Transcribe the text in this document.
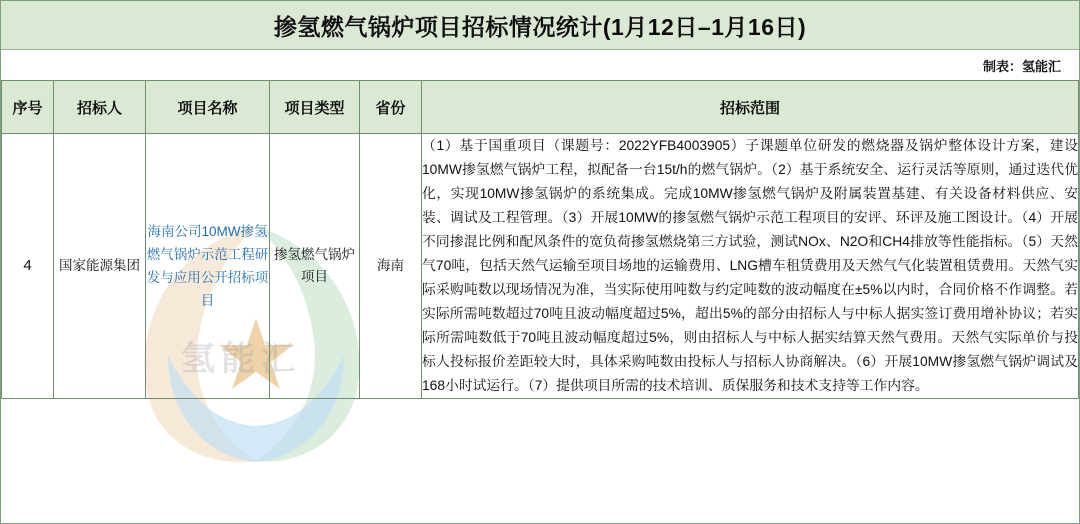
氢能汇
掺氢燃气锅炉项目招标情况统计(1月12日–1月16日)
制表：氢能汇
序号	招标人	项目名称	项目类型	省份	招标范围
4	国家能源集团	海南公司10MW掺氢燃气锅炉示范工程研发与应用公开招标项目	掺氢燃气锅炉项目	海南	（1）基于国重项目（课题号：2022YFB4003905）子课题单位研发的燃烧器及锅炉整体设计方案，建设10MW掺氢燃气锅炉工程，拟配备一台15t/h的燃气锅炉。（2）基于系统安全、运行灵活等原则，通过迭代优化，实现10MW掺氢锅炉的系统集成。完成10MW掺氢燃气锅炉及附属装置基建、有关设备材料供应、安装、调试及工程管理。（3）开展10MW的掺氢燃气锅炉示范工程项目的安评、环评及施工图设计。（4）开展不同掺混比例和配风条件的宽负荷掺氢燃烧第三方试验，测试NOx、N2O和CH4排放等性能指标。（5）天然气70吨，包括天然气运输至项目场地的运输费用、LNG槽车租赁费用及天然气气化装置租赁费用。天然气实际采购吨数以现场情况为准，当实际使用吨数与约定吨数的波动幅度在±5%以内时，合同价格不作调整。若实际所需吨数超过70吨且波动幅度超过5%，超出5%的部分由招标人与中标人据实签订费用增补协议；若实际所需吨数低于70吨且波动幅度超过5%，则由招标人与中标人据实结算天然气费用。天然气实际单价与投标人投标报价差距较大时，具体采购吨数由投标人与招标人协商解决。（6）开展10MW掺氢燃气锅炉调试及168小时试运行。（7）提供项目所需的技术培训、质保服务和技术支持等工作内容。
